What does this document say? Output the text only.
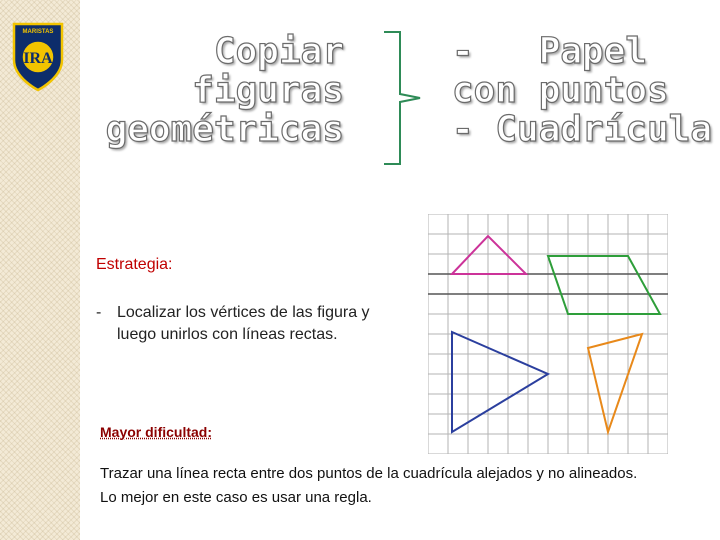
MARISTAS
IRA	Copiar
figuras
geométricas
-   Papel
con puntos
- Cuadrícula

Estrategia:

- Localizar los vértices de las figura y luego unirlos con líneas rectas.

Mayor dificultad:

Trazar una línea recta entre dos puntos de la cuadrícula alejados y no alineados.
Lo mejor en este caso es usar una regla.
